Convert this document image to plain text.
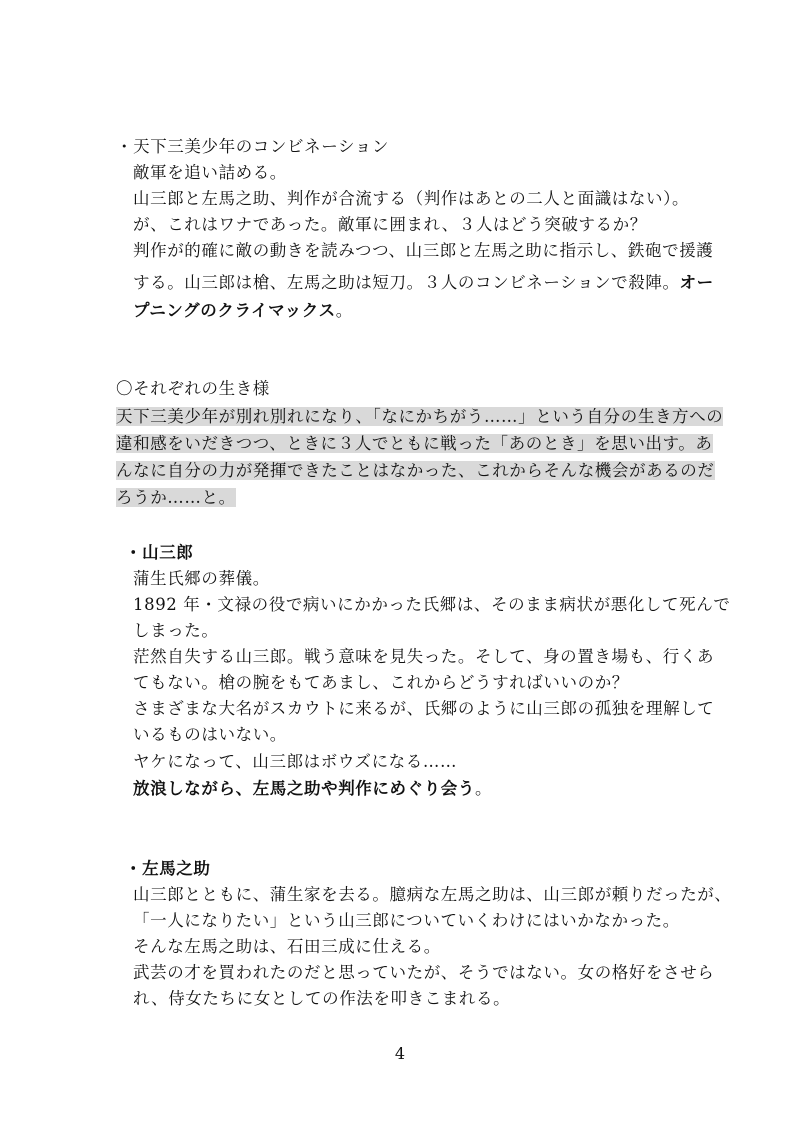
・天下三美少年のコンビネーション
敵軍を追い詰める。
山三郎と左馬之助、判作が合流する（判作はあとの二人と面識はない）。
が、これはワナであった。敵軍に囲まれ、３人はどう突破するか？
判作が的確に敵の動きを読みつつ、山三郎と左馬之助に指示し、鉄砲で援護
する。山三郎は槍、左馬之助は短刀。３人のコンビネーションで殺陣。オー
プニングのクライマックス。
〇それぞれの生き様
天下三美少年が別れ別れになり、「なにかちがう……」という自分の生き方への
違和感をいだきつつ、ときに３人でともに戦った「あのとき」を思い出す。あ
んなに自分の力が発揮できたことはなかった、これからそんな機会があるのだ
ろうか……と。
・山三郎
蒲生氏郷の葬儀。
1892 年・文禄の役で病いにかかった氏郷は、そのまま病状が悪化して死んで
しまった。
茫然自失する山三郎。戦う意味を見失った。そして、身の置き場も、行くあ
てもない。槍の腕をもてあまし、これからどうすればいいのか？
さまざまな大名がスカウトに来るが、氏郷のように山三郎の孤独を理解して
いるものはいない。
ヤケになって、山三郎はボウズになる……
放浪しながら、左馬之助や判作にめぐり会う。
・左馬之助
山三郎とともに、蒲生家を去る。臆病な左馬之助は、山三郎が頼りだったが、
「一人になりたい」という山三郎についていくわけにはいかなかった。
そんな左馬之助は、石田三成に仕える。
武芸の才を買われたのだと思っていたが、そうではない。女の格好をさせら
れ、侍女たちに女としての作法を叩きこまれる。
4
